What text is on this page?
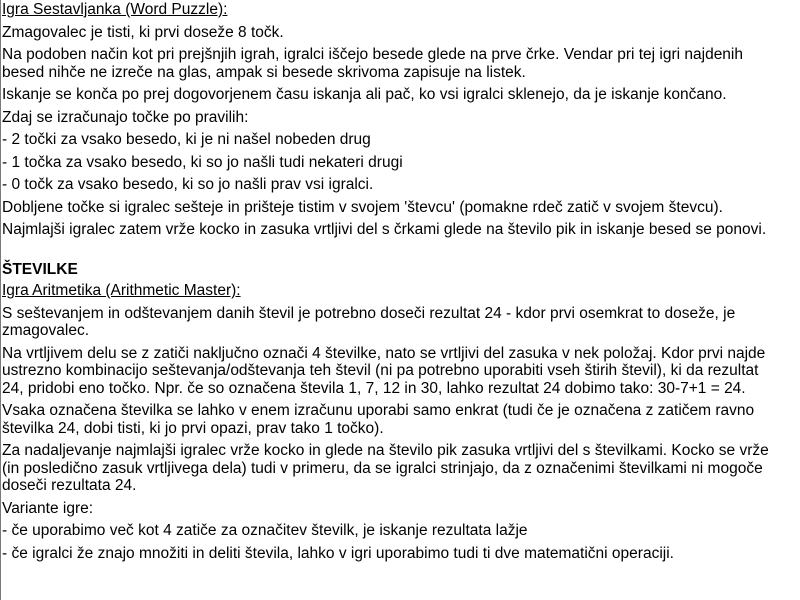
Igra Sestavljanka (Word Puzzle):
Zmagovalec je tisti, ki prvi doseže 8 točk.
Na podoben način kot pri prejšnjih igrah, igralci iščejo besede glede na prve črke. Vendar pri tej igri najdenih
besed nihče ne izreče na glas, ampak si besede skrivoma zapisuje na listek.
Iskanje se konča po prej dogovorjenem času iskanja ali pač, ko vsi igralci sklenejo, da je iskanje končano.
Zdaj se izračunajo točke po pravilih:
- 2 točki za vsako besedo, ki je ni našel nobeden drug
- 1 točka za vsako besedo, ki so jo našli tudi nekateri drugi
- 0 točk za vsako besedo, ki so jo našli prav vsi igralci.
Dobljene točke si igralec sešteje in prišteje tistim v svojem 'števcu' (pomakne rdeč zatič v svojem števcu).
Najmlajši igralec zatem vrže kocko in zasuka vrtljivi del s črkami glede na število pik in iskanje besed se ponovi.
ŠTEVILKE
Igra Aritmetika (Arithmetic Master):
S seštevanjem in odštevanjem danih števil je potrebno doseči rezultat 24 - kdor prvi osemkrat to doseže, je
zmagovalec.
Na vrtljivem delu se z zatiči naključno označi 4 številke, nato se vrtljivi del zasuka v nek položaj. Kdor prvi najde
ustrezno kombinacijo seštevanja/odštevanja teh števil (ni pa potrebno uporabiti vseh štirih števil), ki da rezultat
24, pridobi eno točko. Npr. če so označena števila 1, 7, 12 in 30, lahko rezultat 24 dobimo tako: 30-7+1 = 24.
Vsaka označena številka se lahko v enem izračunu uporabi samo enkrat (tudi če je označena z zatičem ravno
številka 24, dobi tisti, ki jo prvi opazi, prav tako 1 točko).
Za nadaljevanje najmlajši igralec vrže kocko in glede na število pik zasuka vrtljivi del s številkami. Kocko se vrže
(in posledično zasuk vrtljivega dela) tudi v primeru, da se igralci strinjajo, da z označenimi številkami ni mogoče
doseči rezultata 24.
Variante igre:
- če uporabimo več kot 4 zatiče za označitev številk, je iskanje rezultata lažje
- če igralci že znajo množiti in deliti števila, lahko v igri uporabimo tudi ti dve matematični operaciji.
